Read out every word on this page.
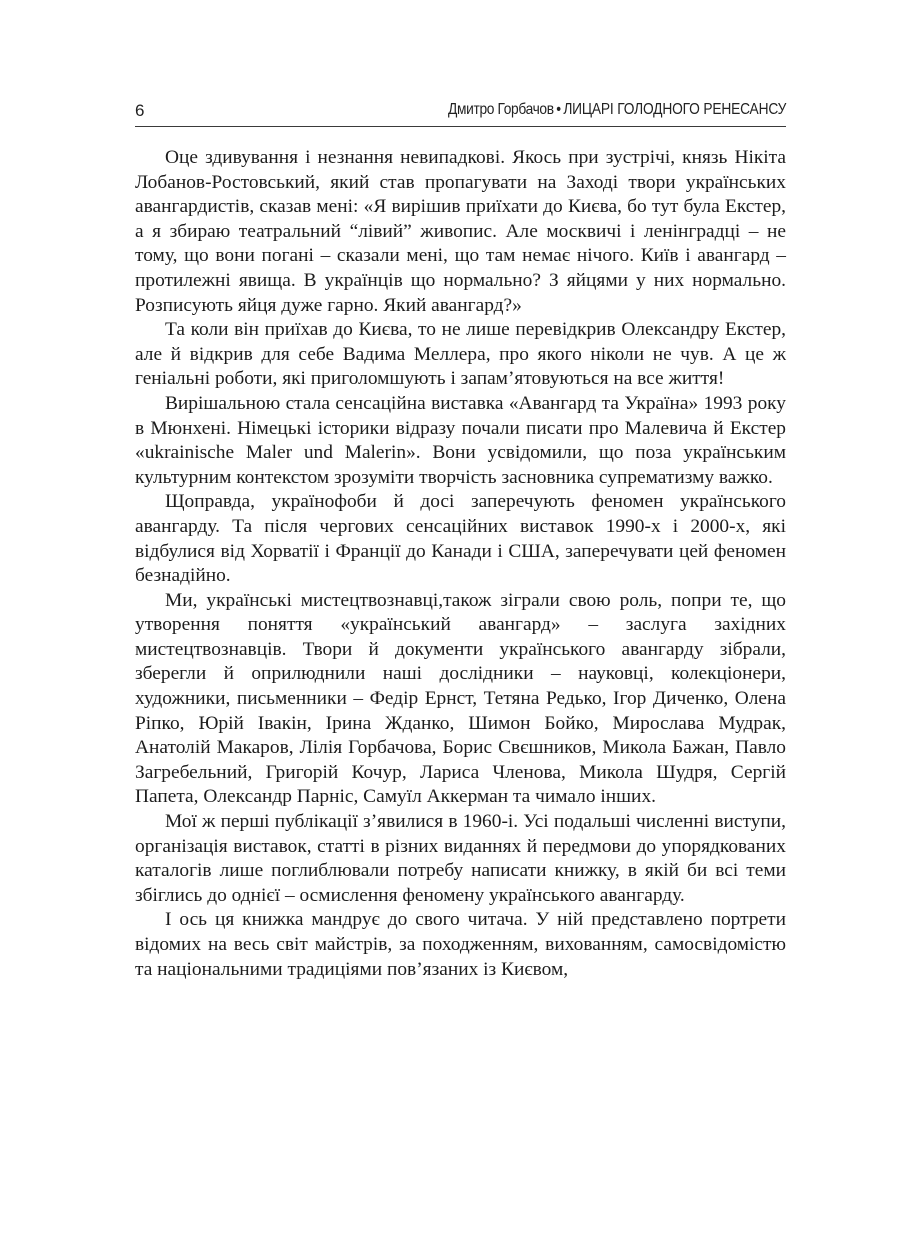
6	Дмитро Горбачов • ЛИЦАРІ ГОЛОДНОГО РЕНЕСАНСУ

Оце здивування і незнання невипадкові. Якось при зустрічі, князь Нікіта Лобанов-Ростовський, який став пропагувати на Заході твори українських авангардистів, сказав мені: «Я вирішив приїхати до Києва, бо тут була Екстер, а я збираю театральний “лівий” живопис. Але москвичі і ленінградці – не тому, що вони погані – сказали мені, що там немає нічого. Київ і авангард – протилежні явища. В українців що нормально? З яйцями у них нормально. Розписують яйця дуже гарно. Який авангард?»

Та коли він приїхав до Києва, то не лише перевідкрив Олександру Екстер, але й відкрив для себе Вадима Меллера, про якого ніколи не чув. А це ж геніальні роботи, які приголомшують і запам’ятовуються на все життя!

Вирішальною стала сенсаційна виставка «Авангард та Україна» 1993 року в Мюнхені. Німецькі історики відразу почали писати про Малевича й Екстер «ukrainische Maler und Malerin». Вони усвідомили, що поза українським культурним контекстом зрозуміти творчість засновника супрематизму важко.

Щоправда, українофоби й досі заперечують феномен українського авангарду. Та після чергових сенсаційних виставок 1990-х і 2000-х, які відбулися від Хорватії і Франції до Канади і США, заперечувати цей феномен безнадійно.

Ми, українські мистецтвознавці,також зіграли свою роль, попри те, що утворення поняття «український авангард» – заслуга західних мистецтвознавців. Твори й документи українського авангарду зібрали, зберегли й оприлюднили наші дослідники – науковці, колекціонери, художники, письменники – Федір Ернст, Тетяна Редько, Ігор Диченко, Олена Ріпко, Юрій Івакін, Ірина Жданко, Шимон Бойко, Мирослава Мудрак, Анатолій Макаров, Лілія Горбачова, Борис Свєшников, Микола Бажан, Павло Загребельний, Григорій Кочур, Лариса Членова, Микола Шудря, Сергій Папета, Олександр Парніс, Самуїл Аккерман та чимало інших.

Мої ж перші публікації з’явилися в 1960-і. Усі подальші численні виступи, організація виставок, статті в різних виданнях й передмови до упорядкованих каталогів лише поглиблювали потребу написати книжку, в якій би всі теми збіглись до однієї – осмислення феномену українського авангарду.

І ось ця книжка мандрує до свого читача. У ній представлено портрети відомих на весь світ майстрів, за походженням, вихованням, самосвідомістю та національними традиціями пов’язаних із Києвом,
